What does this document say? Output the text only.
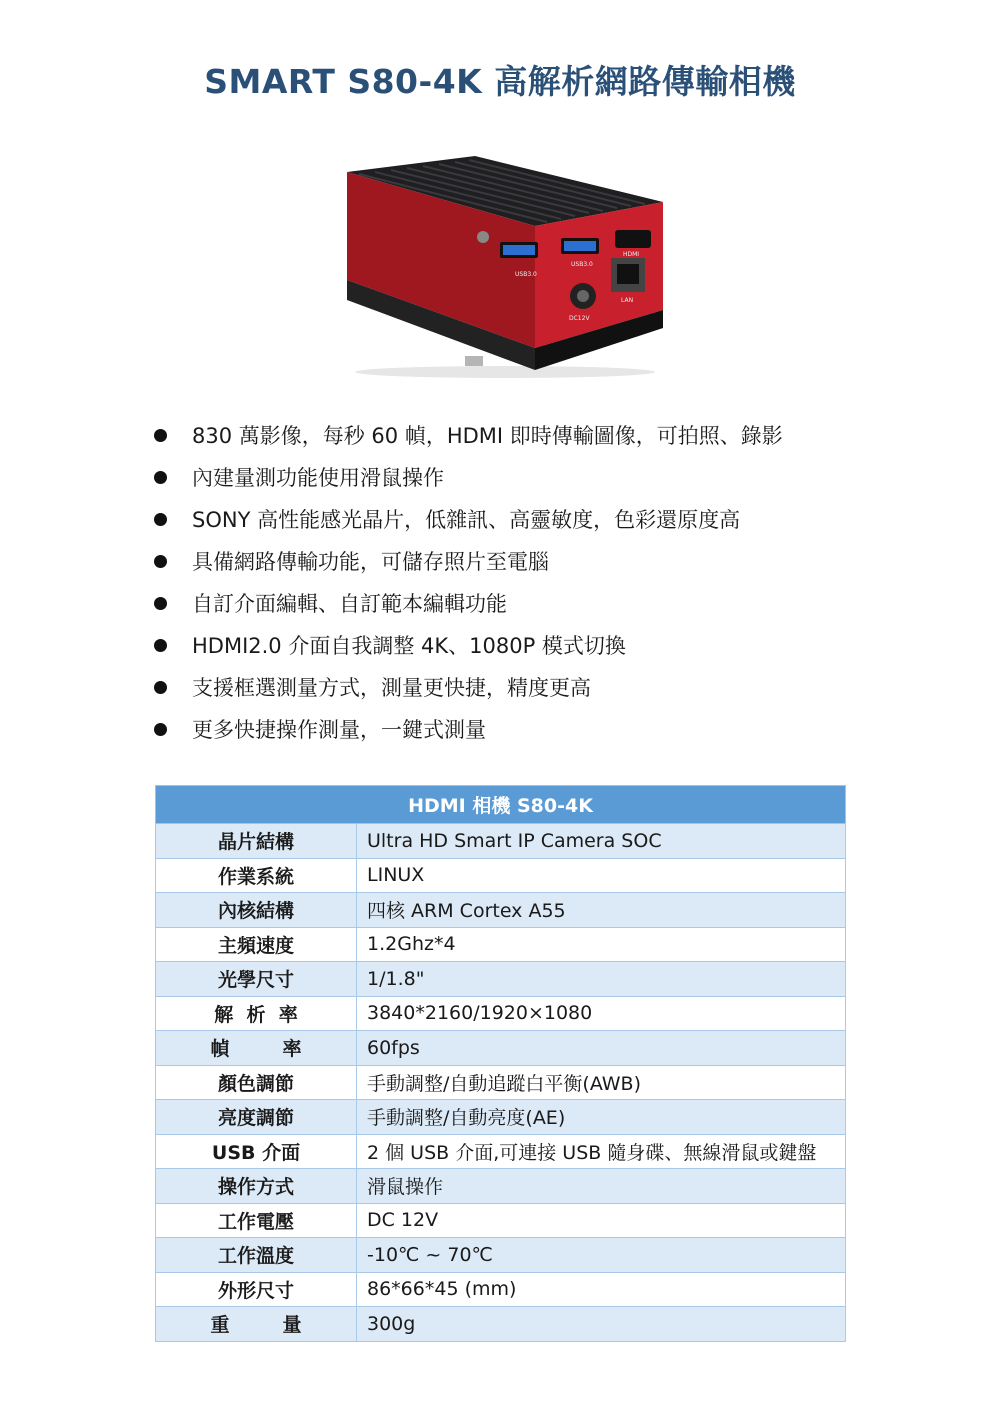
SMART S80-4K 高解析網路傳輸相機
USB3.0
USB3.0
HDMI
DC12V
LAN
830 萬影像，每秒 60 幀，HDMI 即時傳輸圖像，可拍照、錄影
內建量測功能使用滑鼠操作
SONY 高性能感光晶片，低雜訊、高靈敏度，色彩還原度高
具備網路傳輸功能，可儲存照片至電腦
自訂介面編輯、自訂範本編輯功能
HDMI2.0 介面自我調整 4K、1080P 模式切換
支援框選測量方式，測量更快捷，精度更高
更多快捷操作測量，一鍵式測量
HDMI 相機 S80-4K	
晶片結構	Ultra HD Smart IP Camera SOC
作業系統	LINUX
內核結構	四核 ARM Cortex A55
主頻速度	1.2Ghz*4
光學尺寸	1/1.8"
解  析  率	3840*2160/1920×1080
幀        率	60fps
顏色調節	手動調整/自動追蹤白平衡(AWB)
亮度調節	手動調整/自動亮度(AE)
USB 介面	2 個 USB 介面,可連接 USB 隨身碟、無線滑鼠或鍵盤
操作方式	滑鼠操作
工作電壓	DC 12V
工作溫度	-10℃ ~ 70℃
外形尺寸	86*66*45 (mm)
重        量	300g
